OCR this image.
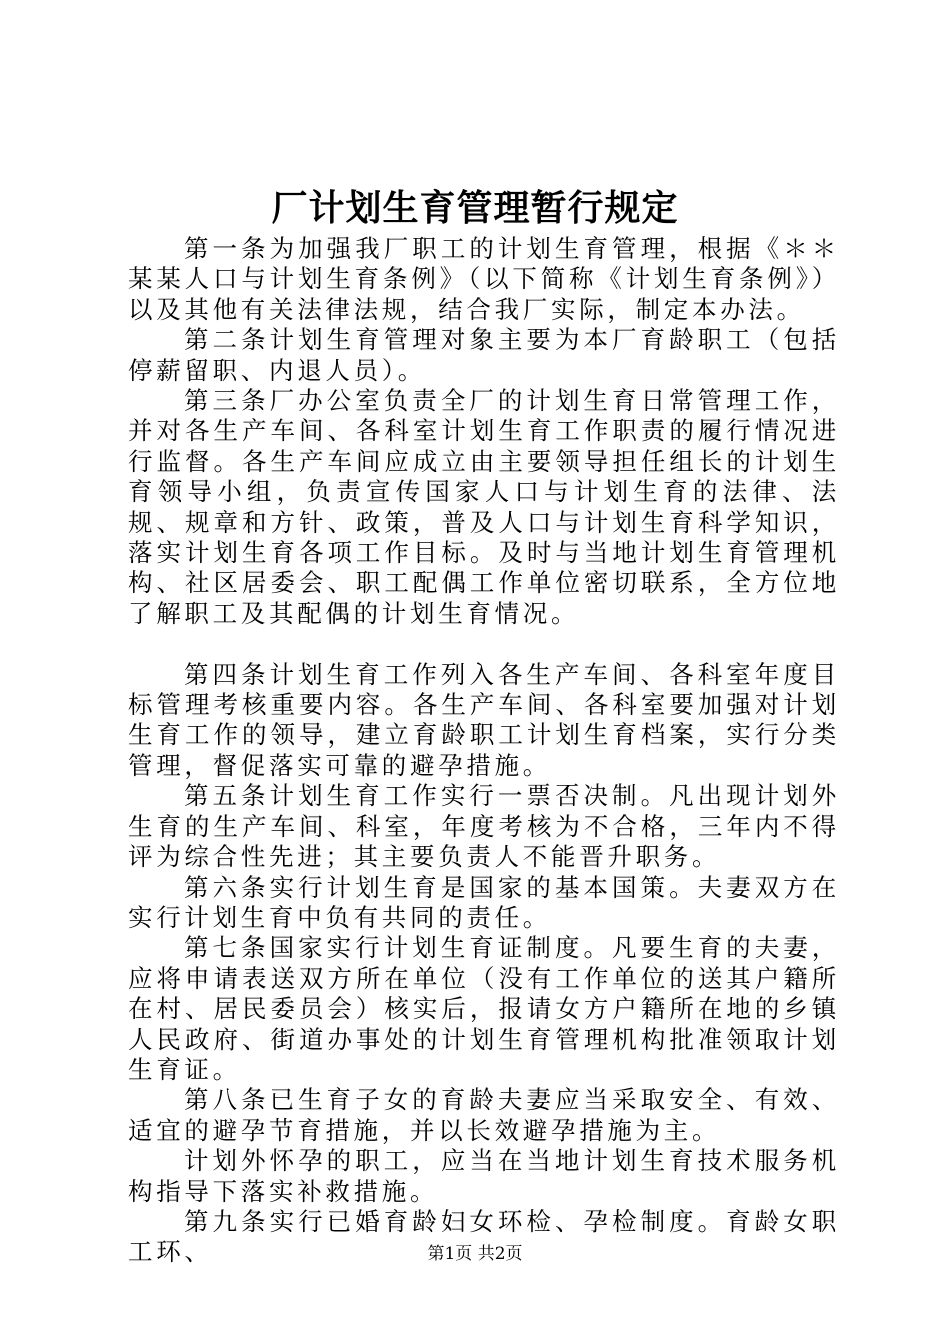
厂计划生育管理暂行规定

第一条为加强我厂职工的计划生育管理，根据《＊＊某某人口与计划生育条例》（以下简称《计划生育条例》）以及其他有关法律法规，结合我厂实际，制定本办法。

第二条计划生育管理对象主要为本厂育龄职工（包括停薪留职、内退人员）。

第三条厂办公室负责全厂的计划生育日常管理工作，并对各生产车间、各科室计划生育工作职责的履行情况进行监督。各生产车间应成立由主要领导担任组长的计划生育领导小组，负责宣传国家人口与计划生育的法律、法规、规章和方针、政策，普及人口与计划生育科学知识，落实计划生育各项工作目标。及时与当地计划生育管理机构、社区居委会、职工配偶工作单位密切联系，全方位地了解职工及其配偶的计划生育情况。

第四条计划生育工作列入各生产车间、各科室年度目标管理考核重要内容。各生产车间、各科室要加强对计划生育工作的领导，建立育龄职工计划生育档案，实行分类管理，督促落实可靠的避孕措施。

第五条计划生育工作实行一票否决制。凡出现计划外生育的生产车间、科室，年度考核为不合格，三年内不得评为综合性先进；其主要负责人不能晋升职务。

第六条实行计划生育是国家的基本国策。夫妻双方在实行计划生育中负有共同的责任。

第七条国家实行计划生育证制度。凡要生育的夫妻，应将申请表送双方所在单位（没有工作单位的送其户籍所在村、居民委员会）核实后，报请女方户籍所在地的乡镇人民政府、街道办事处的计划生育管理机构批准领取计划生育证。

第八条已生育子女的育龄夫妻应当采取安全、有效、适宜的避孕节育措施，并以长效避孕措施为主。

计划外怀孕的职工，应当在当地计划生育技术服务机构指导下落实补救措施。

第九条实行已婚育龄妇女环检、孕检制度。育龄女职工环、	第1页 共2页
